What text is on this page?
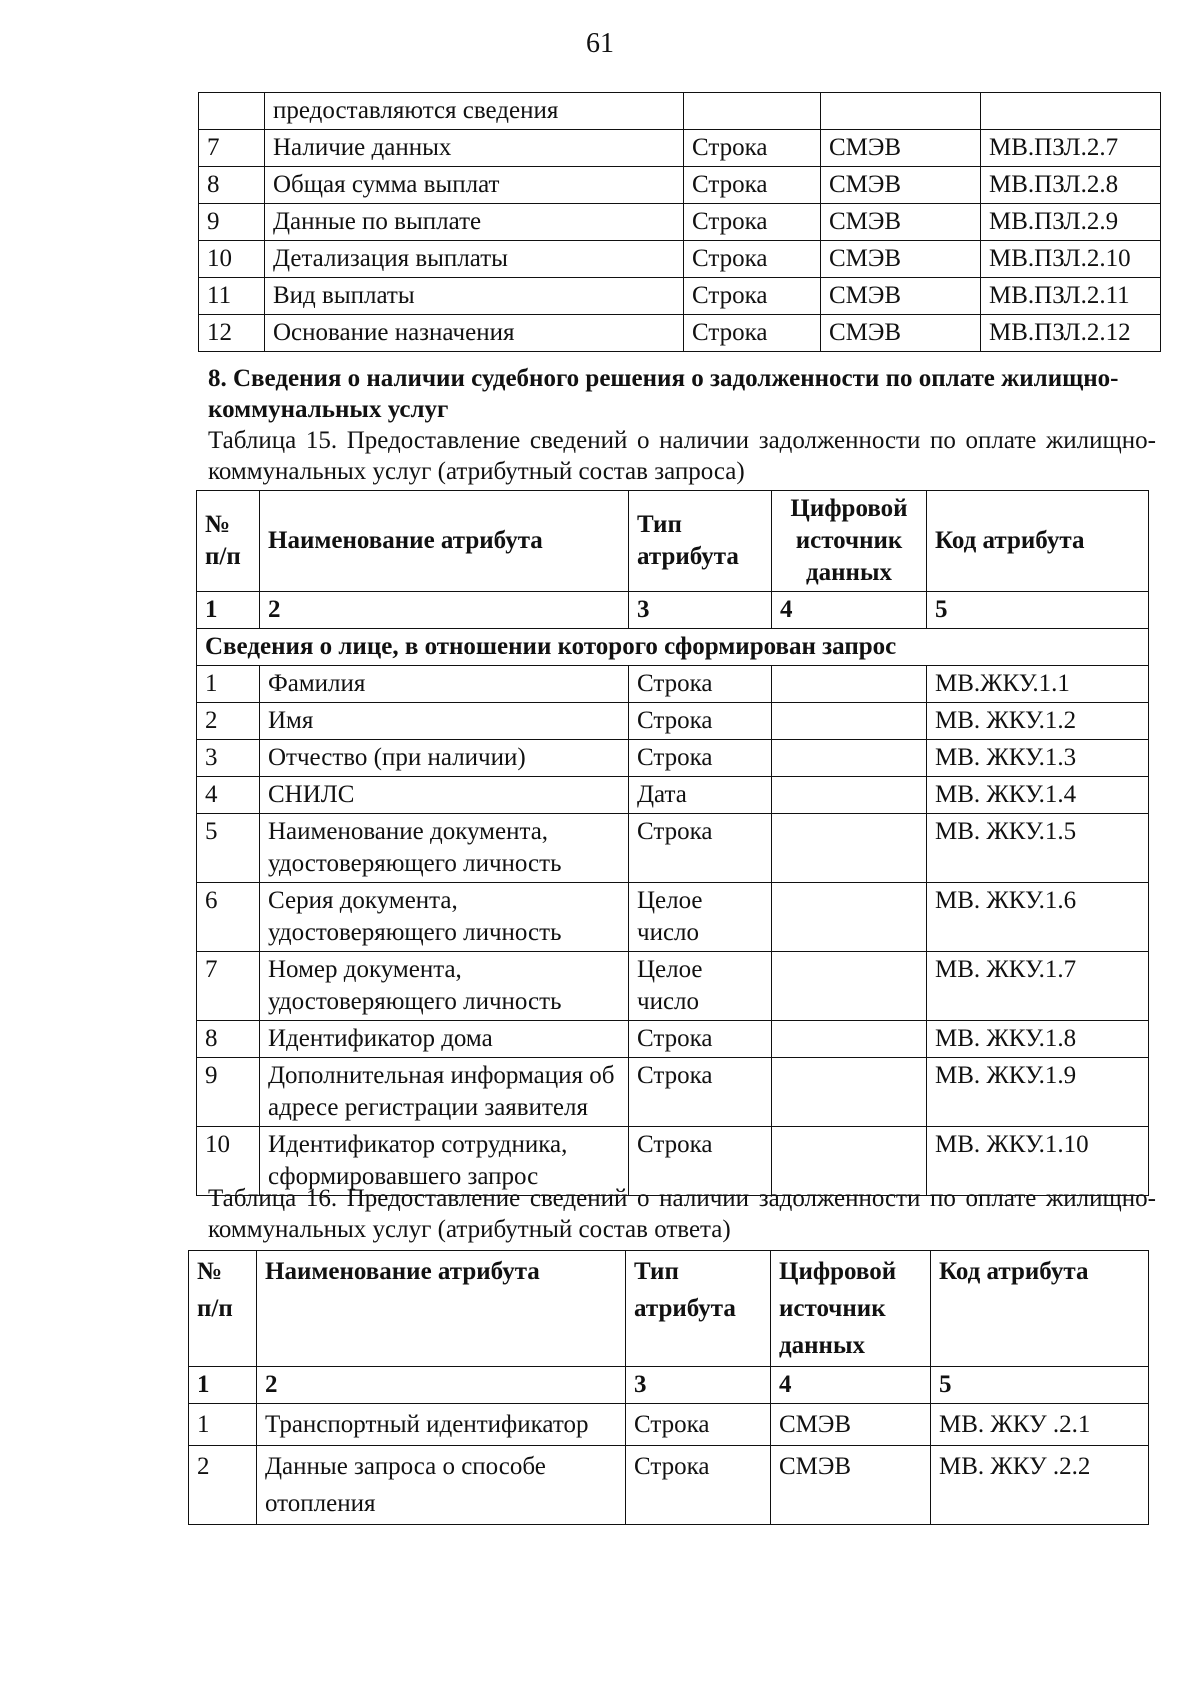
61
	предоставляются сведения			
7	Наличие данных	Строка	СМЭВ	МВ.ПЗЛ.2.7
8	Общая сумма выплат	Строка	СМЭВ	МВ.ПЗЛ.2.8
9	Данные по выплате	Строка	СМЭВ	МВ.ПЗЛ.2.9
10	Детализация выплаты	Строка	СМЭВ	МВ.ПЗЛ.2.10
11	Вид выплаты	Строка	СМЭВ	МВ.ПЗЛ.2.11
12	Основание назначения	Строка	СМЭВ	МВ.ПЗЛ.2.12
8. Сведения о наличии судебного решения о задолженности по оплате жилищно-коммунальных услуг
Таблица 15. Предоставление сведений о наличии задолженности по оплате жилищно-коммунальных услуг (атрибутный состав запроса)
№ п/п	Наименование атрибута	Тип атрибута	Цифровой источник данных	Код атрибута
1	2	3	4	5
Сведения о лице, в отношении которого сформирован запрос				
1	Фамилия	Строка		МВ.ЖКУ.1.1
2	Имя	Строка		МВ. ЖКУ.1.2
3	Отчество (при наличии)	Строка		МВ. ЖКУ.1.3
4	СНИЛС	Дата		МВ. ЖКУ.1.4
5	Наименование документа, удостоверяющего личность	Строка		МВ. ЖКУ.1.5
6	Серия документа, удостоверяющего личность	Целое число		МВ. ЖКУ.1.6
7	Номер документа, удостоверяющего личность	Целое число		МВ. ЖКУ.1.7
8	Идентификатор дома	Строка		МВ. ЖКУ.1.8
9	Дополнительная информация об адресе регистрации заявителя	Строка		МВ. ЖКУ.1.9
10	Идентификатор сотрудника, сформировавшего запрос	Строка		МВ. ЖКУ.1.10
Таблица 16. Предоставление сведений о наличии задолженности по оплате жилищно-коммунальных услуг (атрибутный состав ответа)
№ п/п	Наименование атрибута	Тип атрибута	Цифровой источник данных	Код атрибута
1	2	3	4	5
1	Транспортный идентификатор	Строка	СМЭВ	МВ. ЖКУ .2.1
2	Данные запроса о способе отопления	Строка	СМЭВ	МВ. ЖКУ .2.2
